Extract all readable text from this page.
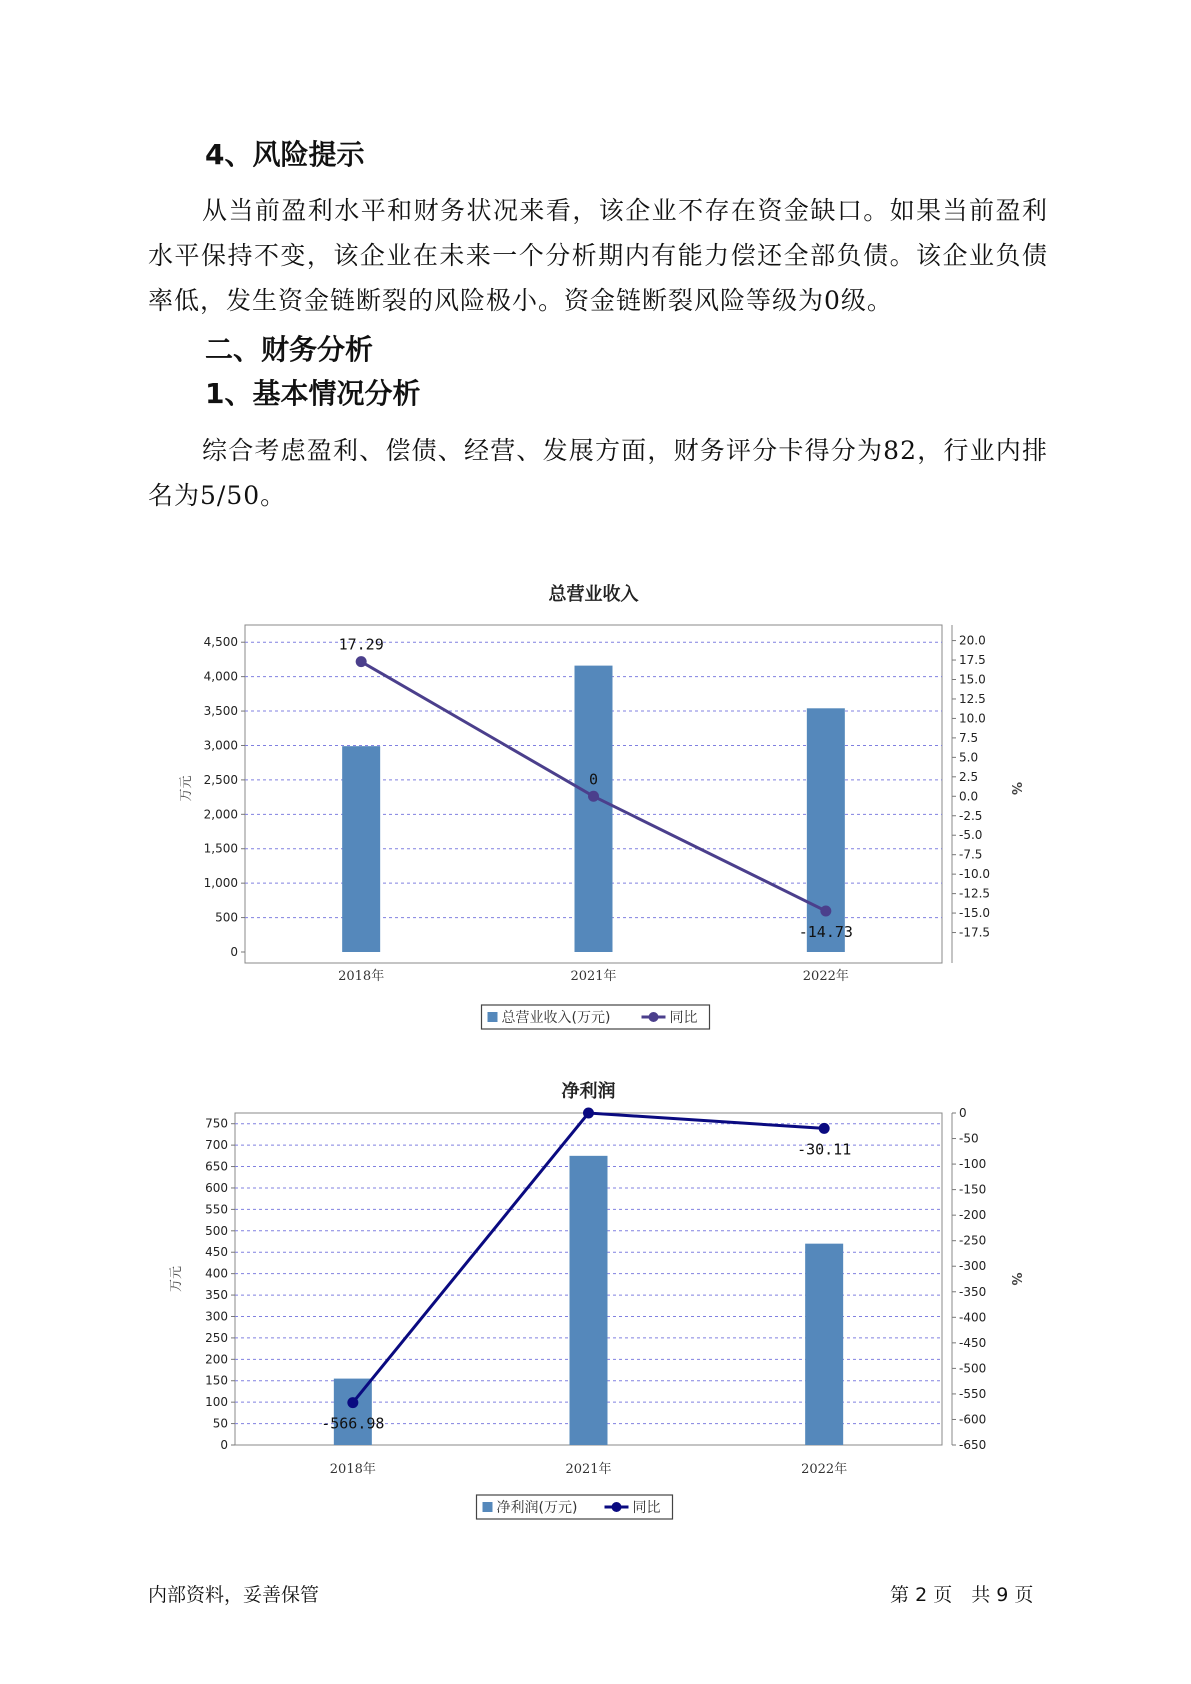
4、风险提示
从当前盈利水平和财务状况来看，该企业不存在资金缺口。如果当前盈利水平保持不变，该企业在未来一个分析期内有能力偿还全部负债。该企业负债率低，发生资金链断裂的风险极小。资金链断裂风险等级为0级。
二、财务分析
1、基本情况分析
综合考虑盈利、偿债、经营、发展方面，财务评分卡得分为82，行业内排名为5/50。
总营业收入
0
500
1,000
1,500
2,000
2,500
3,000
3,500
4,000
4,500
-17.5
-15.0
-12.5
-10.0
-7.5
-5.0
-2.5
0.0
2.5
5.0
7.5
10.0
12.5
15.0
17.5
20.0
万元	%
2018年	2021年	2022年
17.29
0
-14.73
总营业收入(万元)	同比
净利润
0
50
100
150
200
250
300
350
400
450
500
550
600
650
700
750
0
-50
-100
-150
-200
-250
-300
-350
-400
-450
-500
-550
-600
-650
万元	%
2018年	2021年	2022年
-566.98
-30.11
净利润(万元)	同比
内部资料，妥善保管	第 2 页　共 9 页
